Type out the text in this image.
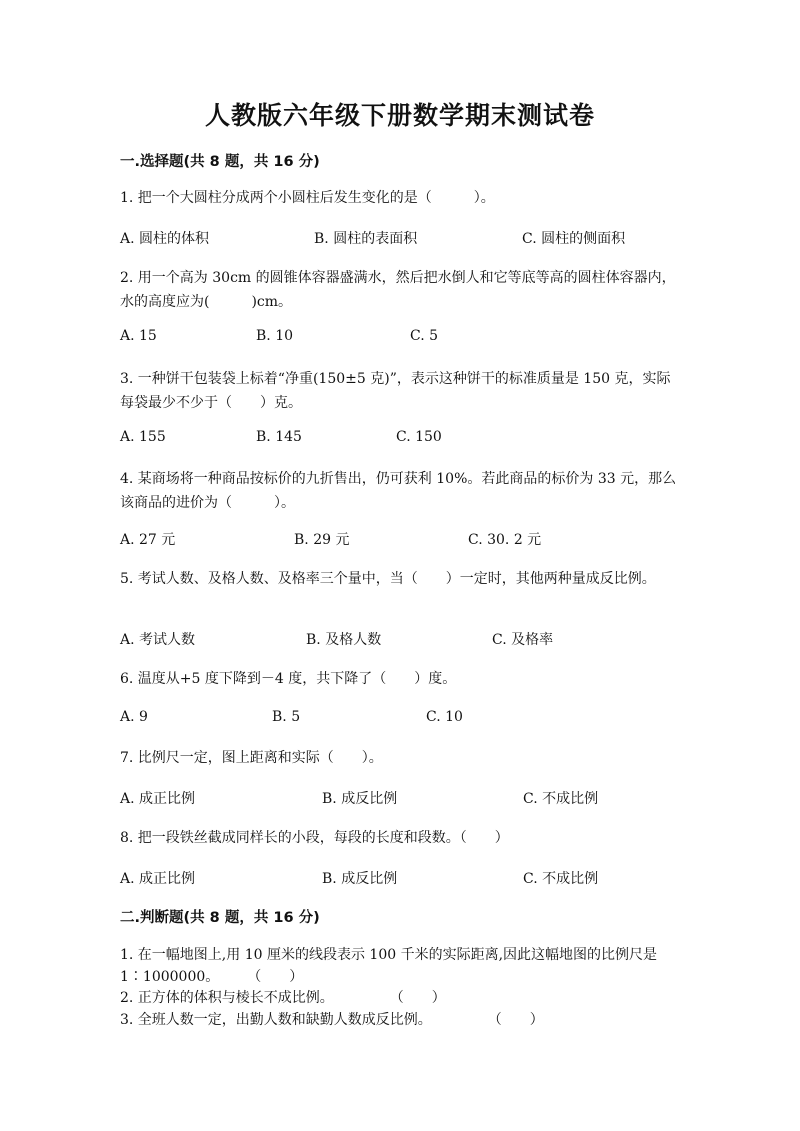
人教版六年级下册数学期末测试卷
一.选择题(共 8 题，共 16 分)
1. 把一个大圆柱分成两个小圆柱后发生变化的是（　　　）。
A. 圆柱的体积	B. 圆柱的表面积	C. 圆柱的侧面积
2. 用一个高为 30cm 的圆锥体容器盛满水，然后把水倒人和它等底等高的圆柱体容器内，水的高度应为(　　　)cm。
A. 15	B. 10	C. 5
3. 一种饼干包装袋上标着“净重(150±5 克)”，表示这种饼干的标准质量是 150 克，实际每袋最少不少于（　　）克。
A. 155	B. 145	C. 150
4. 某商场将一种商品按标价的九折售出，仍可获利 10%。若此商品的标价为 33 元，那么该商品的进价为（　　　）。
A. 27 元	B. 29 元	C. 30. 2 元
5. 考试人数、及格人数、及格率三个量中，当（　　）一定时，其他两种量成反比例。
A. 考试人数	B. 及格人数	C. 及格率
6. 温度从+5 度下降到－4 度，共下降了（　　）度。
A. 9	B. 5	C. 10
7. 比例尺一定，图上距离和实际（　　）。
A. 成正比例	B. 成反比例	C. 不成比例
8. 把一段铁丝截成同样长的小段，每段的长度和段数。（　　）
A. 成正比例	B. 成反比例	C. 不成比例
二.判断题(共 8 题，共 16 分)
1. 在一幅地图上,用 10 厘米的线段表示 100 千米的实际距离,因此这幅地图的比例尺是 1∶1000000。　　　（　　）
2. 正方体的体积与棱长不成比例。　　　　　（　　）
3. 全班人数一定，出勤人数和缺勤人数成反比例。　　　　　（　　）
